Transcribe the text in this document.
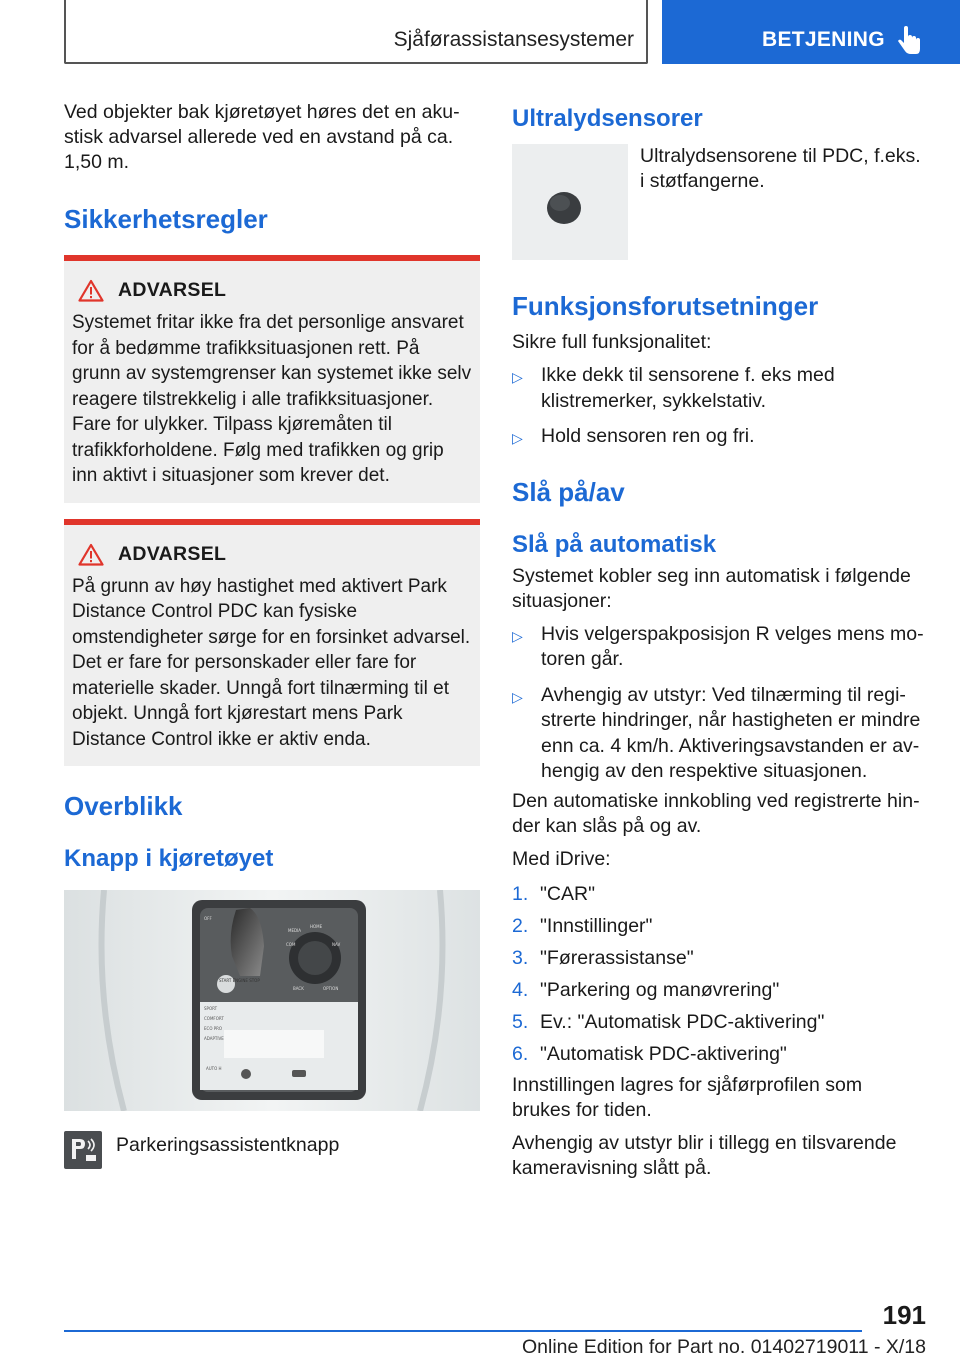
Sjåførassistansesystemer	BETJENING

Ved objekter bak kjøretøyet høres det en aku-
stisk advarsel allerede ved en avstand på ca.
1,50 m.

Sikkerhetsregler
ADVARSEL

Systemet fritar ikke fra det personlige ansvaret for å bedømme trafikksituasjonen rett. På grunn av systemgrenser kan systemet ikke selv reagere tilstrekkelig i alle trafikksituasjoner. Fare for ulykker. Tilpass kjøremåten til trafikkforholdene. Følg med trafikken og grip inn aktivt i situasjoner som krever det.

ADVARSEL

På grunn av høy hastighet med aktivert Park Distance Control PDC kan fysiske omstendigheter sørge for en forsinket advarsel. Det er fare for personskader eller fare for materielle skader. Unngå fort tilnærming til et objekt. Unngå fort kjørestart mens Park Distance Control ikke er aktiv enda.

Overblikk
Knapp i kjøretøyet
START ENGINE STOP
MEDIA
HOME
COM	NAV
BACK	OPTION
SPORT
COMFORT
ECO PRO
ADAPTIVE
AUTO H
OFF

Parkeringsassistentknapp

Ultralydsensorer

Ultralydsensorene til PDC, f.eks. i støtfangerne.

Funksjonsforutsetninger

Sikre full funksjonalitet:

▷ Ikke dekk til sensorene f. eks med klistremerker, sykkelstativ.
▷ Hold sensoren ren og fri.
Slå på/av
Slå på automatisk

Systemet kobler seg inn automatisk i følgende situasjoner:

▷ Hvis velgerspakposisjon R velges mens motoren går.
▷ Avhengig av utstyr: Ved tilnærming til registrerte hindringer, når hastigheten er mindre enn ca. 4 km/h. Aktiveringsavstanden er avhengig av den respektive situasjonen.

Den automatiske innkobling ved registrerte hinder kan slås på og av.

Med iDrive:

1. "CAR"
2. "Innstillinger"
3. "Førerassistanse"
4. "Parkering og manøvrering"
5. Ev.: "Automatisk PDC-aktivering"
6. "Automatisk PDC-aktivering"

Innstillingen lagres for sjåførprofilen som brukes for tiden.

Avhengig av utstyr blir i tillegg en tilsvarende kameravisning slått på.

191
Online Edition for Part no. 01402719011 - X/18
